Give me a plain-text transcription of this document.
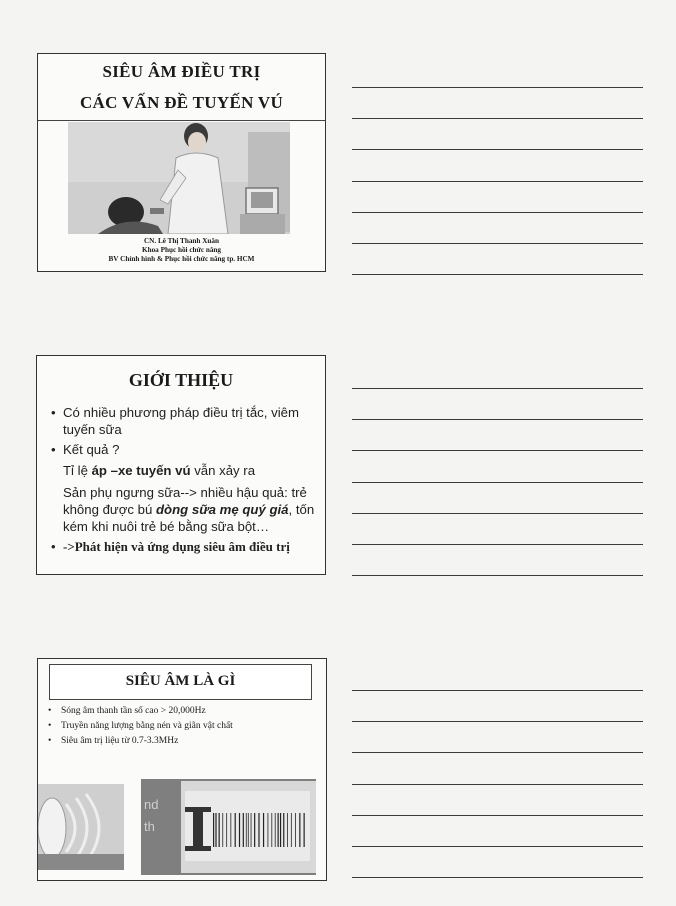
SIÊU ÂM ĐIỀU TRỊ
CÁC VẤN ĐỀ TUYẾN VÚ
CN. Lê Thị Thanh Xuân
Khoa Phục hồi chức năng
BV Chỉnh hình & Phục hồi chức năng tp. HCM
GIỚI THIỆU

• Có nhiều phương pháp điều trị tắc, viêm tuyến sữa

• Kết quả ?

Tỉ lệ áp –xe tuyến vú vẫn xảy ra

Sản phụ ngưng sữa--> nhiều hậu quả: trẻ không được bú dòng sữa mẹ quý giá, tốn kém khi nuôi trẻ bé bằng sữa bột…

• ->Phát hiện và ứng dụng siêu âm điều trị

SIÊU ÂM LÀ GÌ
• Sóng âm thanh tần số cao > 20,000Hz
• Truyền năng lượng bằng nén và giãn vật chất
• Siêu âm trị liệu từ 0.7-3.3MHz
nd
th
